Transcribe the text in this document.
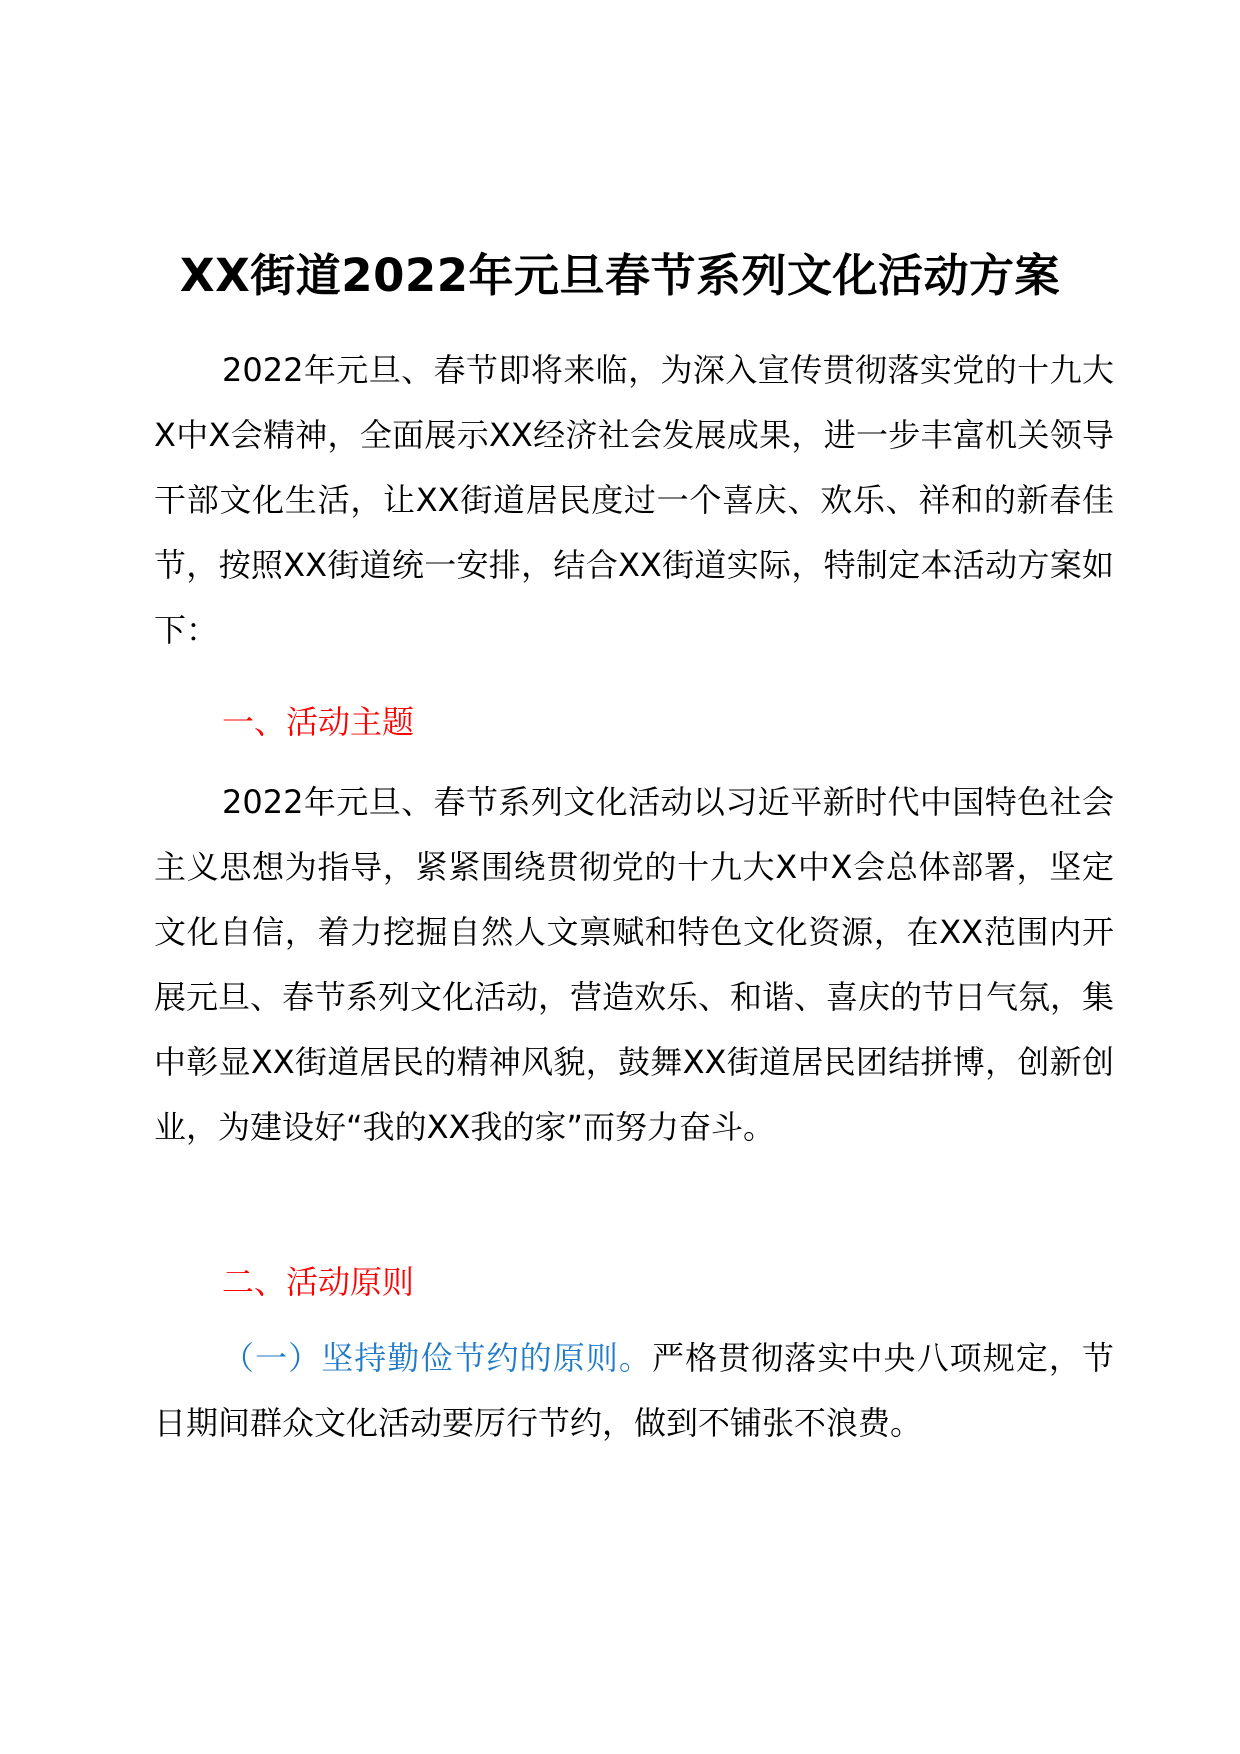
XX街道2022年元旦春节系列文化活动方案

2022年元旦、春节即将来临，为深入宣传贯彻落实党的十九大X中X会精神，全面展示XX经济社会发展成果，进一步丰富机关领导干部文化生活，让XX街道居民度过一个喜庆、欢乐、祥和的新春佳节，按照XX街道统一安排，结合XX街道实际，特制定本活动方案如下：

一、活动主题

2022年元旦、春节系列文化活动以习近平新时代中国特色社会主义思想为指导，紧紧围绕贯彻党的十九大X中X会总体部署，坚定文化自信，着力挖掘自然人文禀赋和特色文化资源，在XX范围内开展元旦、春节系列文化活动，营造欢乐、和谐、喜庆的节日气氛，集中彰显XX街道居民的精神风貌，鼓舞XX街道居民团结拼博，创新创业，为建设好“我的XX我的家”而努力奋斗。

二、活动原则

（一）坚持勤俭节约的原则。严格贯彻落实中央八项规定，节日期间群众文化活动要厉行节约，做到不铺张不浪费。
